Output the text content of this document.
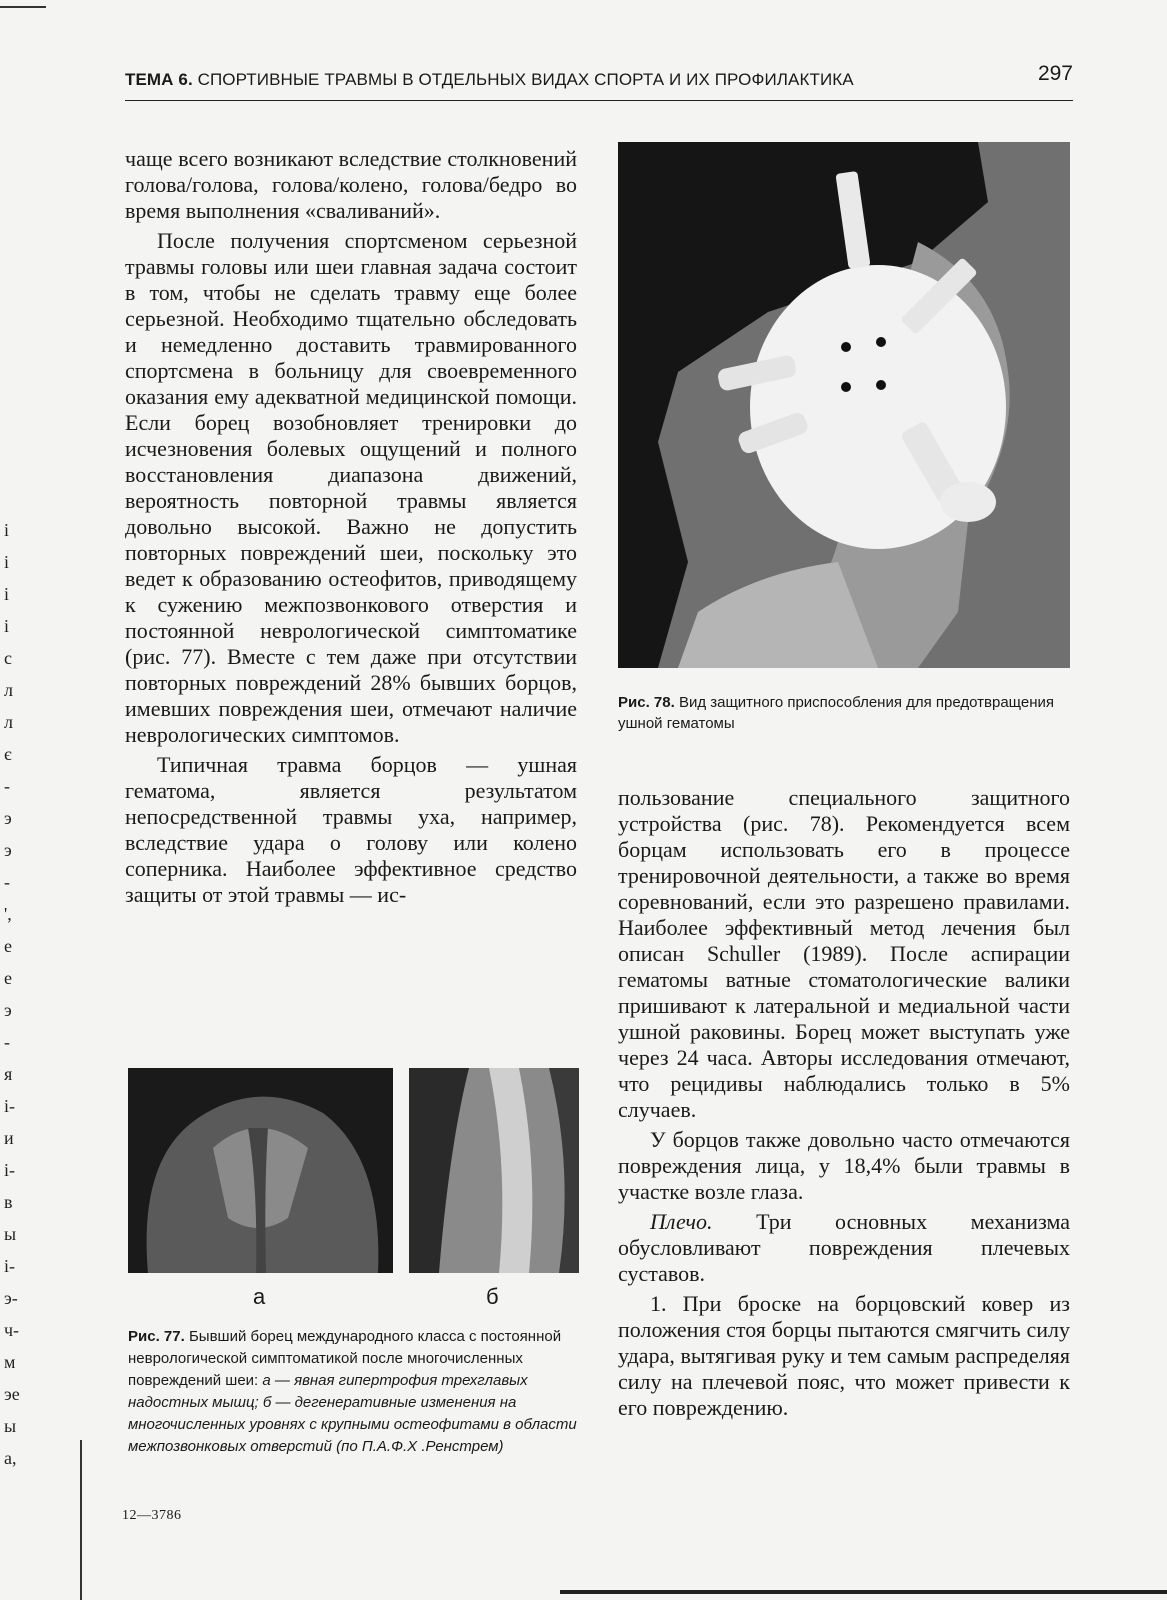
і
і
і
і
с
л
л
є
-
э
э
-
',
е
е
э
-
я
і-
и
і-
в
ы
і-
э-
ч-
м
эе
ы
а,
ТЕМА 6. СПОРТИВНЫЕ ТРАВМЫ В ОТДЕЛЬНЫХ ВИДАХ СПОРТА И ИХ ПРОФИЛАКТИКА	297

чаще всего возникают вследствие столкновений голова/голова, голова/колено, голова/бедро во время выполнения «сваливаний».

После получения спортсменом серьезной травмы головы или шеи главная задача состоит в том, чтобы не сделать травму еще более серьезной. Необходимо тщательно обследовать и немедленно доставить травмированного спортсмена в больницу для своевременного оказания ему адекватной медицинской помощи. Если борец возобновляет тренировки до исчезновения болевых ощущений и полного восстановления диапазона движений, вероятность повторной травмы является довольно высокой. Важно не допустить повторных повреждений шеи, поскольку это ведет к образованию остеофитов, приводящему к сужению межпозвонкового отверстия и постоянной неврологической симптоматике (рис. 77). Вместе с тем даже при отсутствии повторных повреждений 28% бывших борцов, имевших повреждения шеи, отмечают наличие неврологических симптомов.

Типичная травма борцов — ушная гематома, является результатом непосредственной травмы уха, например, вследствие удара о голову или колено соперника. Наиболее эффективное средство защиты от этой травмы — ис-

Рис. 78. Вид защитного приспособления для предотвращения ушной гематомы

пользование специального защитного устройства (рис. 78). Рекомендуется всем борцам использовать его в процессе тренировочной деятельности, а также во время соревнований, если это разрешено правилами. Наиболее эффективный метод лечения был описан Schuller (1989). После аспирации гематомы ватные стоматологические валики пришивают к латеральной и медиальной части ушной раковины. Борец может выступать уже через 24 часа. Авторы исследования отмечают, что рецидивы наблюдались только в 5% случаев.

У борцов также довольно часто отмечаются повреждения лица, у 18,4% были травмы в участке возле глаза.

Плечо. Три основных механизма обусловливают повреждения плечевых суставов.

1. При броске на борцовский ковер из положения стоя борцы пытаются смягчить силу удара, вытягивая руку и тем самым распределяя силу на плечевой пояс, что может привести к его повреждению.

а	б
Рис. 77. Бывший борец международного класса с постоянной неврологической симптоматикой после многочисленных повреждений шеи: а — явная гипертрофия трехглавых надостных мышц; б — дегенеративные изменения на многочисленных уровнях с крупными остеофитами в области межпозвонковых отверстий (по П.А.Ф.Х .Ренстрем)
12—3786
